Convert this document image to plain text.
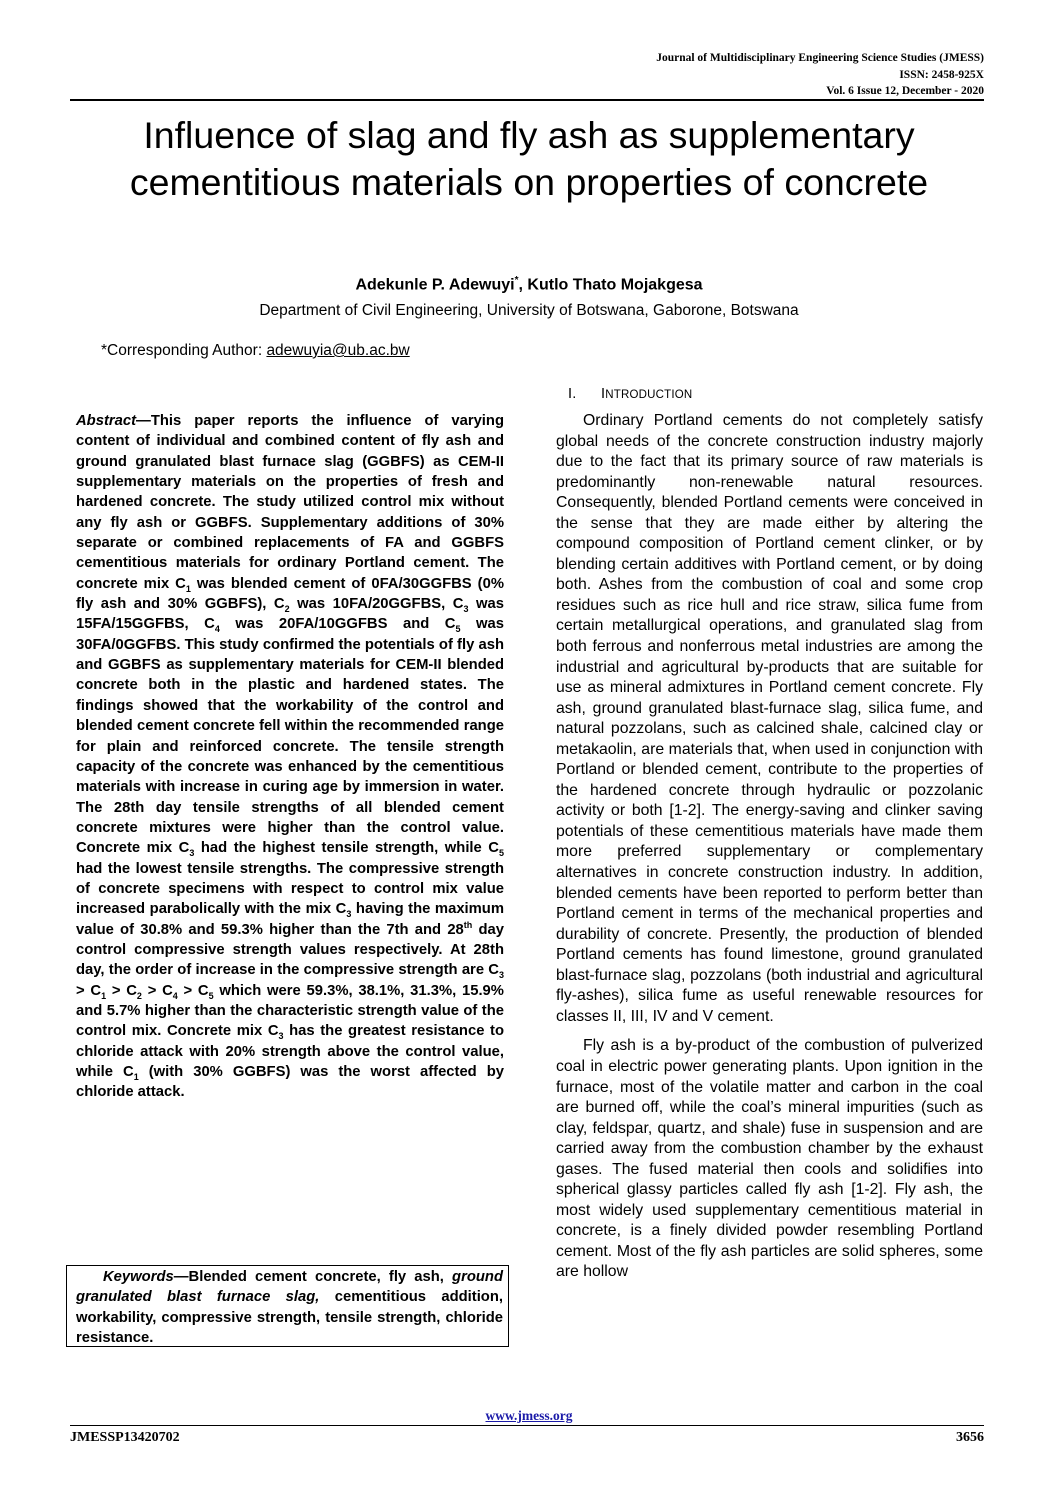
Journal of Multidisciplinary Engineering Science Studies (JMESS)
ISSN: 2458-925X
Vol. 6 Issue 12, December - 2020
Influence of slag and fly ash as supplementary cementitious materials on properties of concrete
Adekunle P. Adewuyi*, Kutlo Thato Mojakgesa
Department of Civil Engineering, University of Botswana, Gaborone, Botswana
*Corresponding Author: adewuyia@ub.ac.bw

Abstract—This paper reports the influence of varying content of individual and combined content of fly ash and ground granulated blast furnace slag (GGBFS) as CEM-II supplementary materials on the properties of fresh and hardened concrete. The study utilized control mix without any fly ash or GGBFS. Supplementary additions of 30% separate or combined replacements of FA and GGBFS cementitious materials for ordinary Portland cement. The concrete mix $C_1$ was blended cement of 0FA/30GGFBS (0% fly ash and 30% GGBFS), $C_2$ was 10FA/20GGFBS, $C_3$ was 15FA/15GGFBS, $C_4$ was 20FA/10GGFBS and $C_5$ was 30FA/0GGFBS. This study confirmed the potentials of fly ash and GGBFS as supplementary materials for CEM-II blended concrete both in the plastic and hardened states. The findings showed that the workability of the control and blended cement concrete fell within the recommended range for plain and reinforced concrete. The tensile strength capacity of the concrete was enhanced by the cementitious materials with increase in curing age by immersion in water. The 28th day tensile strengths of all blended cement concrete mixtures were higher than the control value. Concrete mix $C_3$ had the highest tensile strength, while $C_5$ had the lowest tensile strengths. The compressive strength of concrete specimens with respect to control mix value increased parabolically with the mix $C_3$ having the maximum value of 30.8% and 59.3% higher than the 7th and 28th day control compressive strength values respectively. At 28th day, the order of increase in the compressive strength are $C_3 > C_1 > C_2 > C_4 > C_5$ which were 59.3%, 38.1%, 31.3%, 15.9% and 5.7% higher than the characteristic strength value of the control mix. Concrete mix $C_3$ has the greatest resistance to chloride attack with 20% strength above the control value, while $C_1$ (with 30% GGBFS) was the worst affected by chloride attack.

Keywords—Blended cement concrete, fly ash, ground granulated blast furnace slag, cementitious addition, workability, compressive strength, tensile strength, chloride resistance.

I. INTRODUCTION

Ordinary Portland cements do not completely satisfy global needs of the concrete construction industry majorly due to the fact that its primary source of raw materials is predominantly non-renewable natural resources. Consequently, blended Portland cements were conceived in the sense that they are made either by altering the compound composition of Portland cement clinker, or by blending certain additives with Portland cement, or by doing both. Ashes from the combustion of coal and some crop residues such as rice hull and rice straw, silica fume from certain metallurgical operations, and granulated slag from both ferrous and nonferrous metal industries are among the industrial and agricultural by-products that are suitable for use as mineral admixtures in Portland cement concrete. Fly ash, ground granulated blast-furnace slag, silica fume, and natural pozzolans, such as calcined shale, calcined clay or metakaolin, are materials that, when used in conjunction with Portland or blended cement, contribute to the properties of the hardened concrete through hydraulic or pozzolanic activity or both [1-2]. The energy-saving and clinker saving potentials of these cementitious materials have made them more preferred supplementary or complementary alternatives in concrete construction industry. In addition, blended cements have been reported to perform better than Portland cement in terms of the mechanical properties and durability of concrete. Presently, the production of blended Portland cements has found limestone, ground granulated blast-furnace slag, pozzolans (both industrial and agricultural fly-ashes), silica fume as useful renewable resources for classes II, III, IV and V cement.

Fly ash is a by-product of the combustion of pulverized coal in electric power generating plants. Upon ignition in the furnace, most of the volatile matter and carbon in the coal are burned off, while the coal’s mineral impurities (such as clay, feldspar, quartz, and shale) fuse in suspension and are carried away from the combustion chamber by the exhaust gases. The fused material then cools and solidifies into spherical glassy particles called fly ash [1-2]. Fly ash, the most widely used supplementary cementitious material in concrete, is a finely divided powder resembling Portland cement. Most of the fly ash particles are solid spheres, some are hollow

www.jmess.org
JMESSP13420702	3656
